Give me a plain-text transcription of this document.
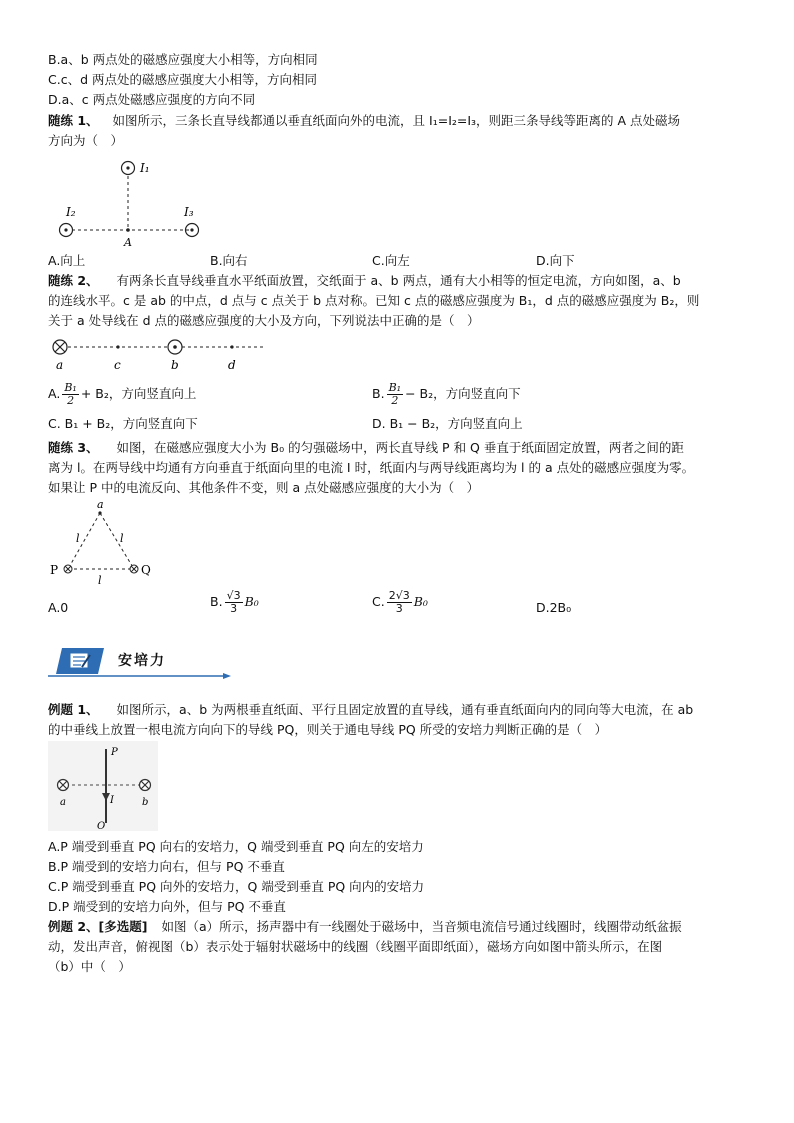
B.a、b 两点处的磁感应强度大小相等，方向相同
C.c、d 两点处的磁感应强度大小相等，方向相同
D.a、c 两点处磁感应强度的方向不同
随练 1、 如图所示，三条长直导线都通以垂直纸面向外的电流，且 I₁=I₂=I₃，则距三条导线等距离的 A 点处磁场
方向为（　）
I₁
I₂	I₃
A
A.向上	B.向右	C.向左	D.向下
随练 2、 有两条长直导线垂直水平纸面放置，交纸面于 a、b 两点，通有大小相等的恒定电流，方向如图，a、b
的连线水平。c 是 ab 的中点，d 点与 c 点关于 b 点对称。已知 c 点的磁感应强度为 B₁，d 点的磁感应强度为 B₂，则
关于 a 处导线在 d 点的磁感应强度的大小及方向，下列说法中正确的是（　）
a	c	b	d
A. $\frac{\text{B₁}}{2} + B_2$，方向竖直向上	B. $\frac{\text{B₁}}{2} - B_2$，方向竖直向下
C. B₁ + B₂，方向竖直向下	D. B₁ − B₂，方向竖直向上
随练 3、 如图，在磁感应强度大小为 B₀ 的匀强磁场中，两长直导线 P 和 Q 垂直于纸面固定放置，两者之间的距
离为 l。在两导线中均通有方向垂直于纸面向里的电流 I 时，纸面内与两导线距离均为 l 的 a 点处的磁感应强度为零。
如果让 P 中的电流反向、其他条件不变，则 a 点处磁感应强度的大小为（　）
a
P	Q
l	l
l
A.0	B. $\frac{√3}{3} B_0$	C. $\frac{2√3}{3} B_0$	D.2B₀
安培力
例题 1、 如图所示，a、b 为两根垂直纸面、平行且固定放置的直导线，通有垂直纸面向内的同向等大电流，在 ab
的中垂线上放置一根电流方向向下的导线 PQ，则关于通电导线 PQ 所受的安培力判断正确的是（　）
P
O
I
a	b
A.P 端受到垂直 PQ 向右的安培力，Q 端受到垂直 PQ 向左的安培力
B.P 端受到的安培力向右，但与 PQ 不垂直
C.P 端受到垂直 PQ 向外的安培力，Q 端受到垂直 PQ 向内的安培力
D.P 端受到的安培力向外，但与 PQ 不垂直
例题 2、[多选题] 如图（a）所示，扬声器中有一线圈处于磁场中，当音频电流信号通过线圈时，线圈带动纸盆振
动，发出声音，俯视图（b）表示处于辐射状磁场中的线圈（线圈平面即纸面），磁场方向如图中箭头所示，在图
（b）中（　）
